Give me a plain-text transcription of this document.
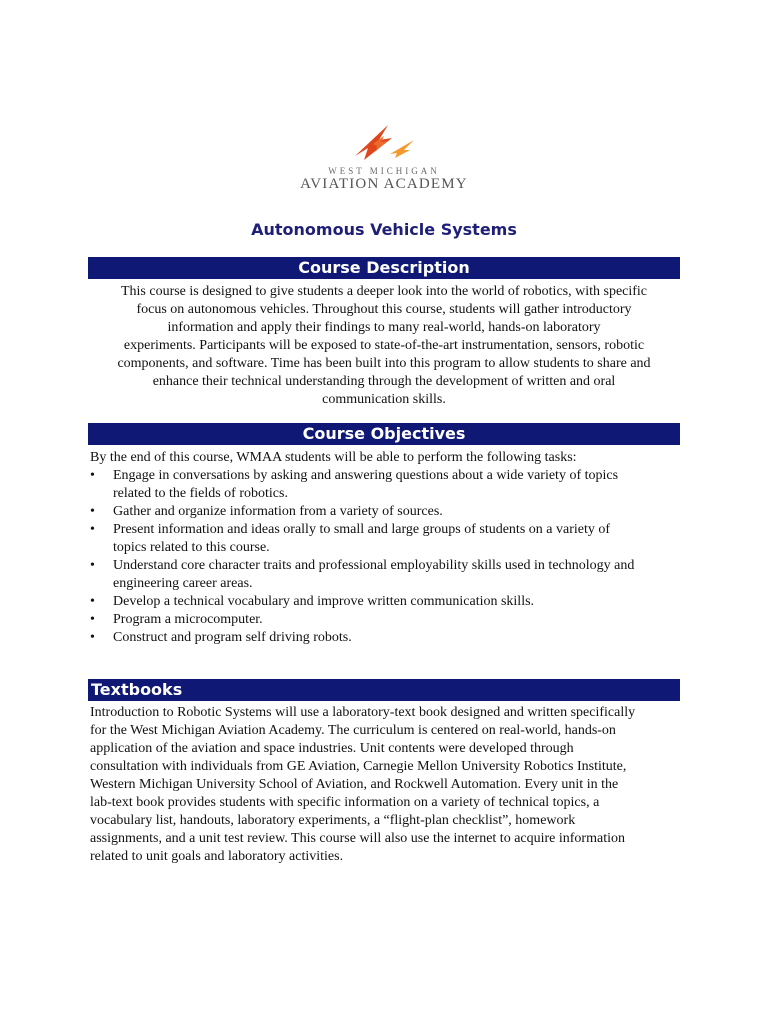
WEST MICHIGAN
AVIATION ACADEMY
Autonomous Vehicle Systems
Course Description
This course is designed to give students a deeper look into the world of robotics, with specific
focus on autonomous vehicles. Throughout this course, students will gather introductory
information and apply their findings to many real-world, hands-on laboratory
experiments. Participants will be exposed to state-of-the-art instrumentation, sensors, robotic
components, and software. Time has been built into this program to allow students to share and
enhance their technical understanding through the development of written and oral
communication skills.
Course Objectives
By the end of this course, WMAA students will be able to perform the following tasks:
• Engage in conversations by asking and answering questions about a wide variety of topics
related to the fields of robotics.
• Gather and organize information from a variety of sources.
• Present information and ideas orally to small and large groups of students on a variety of
topics related to this course.
• Understand core character traits and professional employability skills used in technology and
engineering career areas.
• Develop a technical vocabulary and improve written communication skills.
• Program a microcomputer.
• Construct and program self driving robots.
Textbooks
Introduction to Robotic Systems will use a laboratory-text book designed and written specifically
for the West Michigan Aviation Academy. The curriculum is centered on real-world, hands-on
application of the aviation and space industries. Unit contents were developed through
consultation with individuals from GE Aviation, Carnegie Mellon University Robotics Institute,
Western Michigan University School of Aviation, and Rockwell Automation. Every unit in the
lab-text book provides students with specific information on a variety of technical topics, a
vocabulary list, handouts, laboratory experiments, a “flight-plan checklist”, homework
assignments, and a unit test review. This course will also use the internet to acquire information
related to unit goals and laboratory activities.
